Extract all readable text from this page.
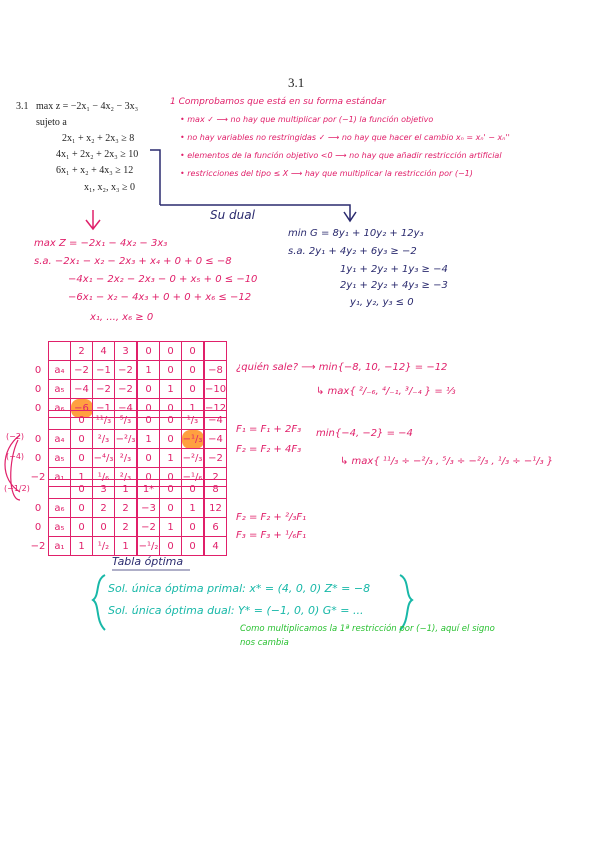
3.1
3.1 max z = −2x₁ − 4x₂ − 3x₃
sujeto a
2x₁ + x₂ + 2x₃ ≥ 8
4x₁ + 2x₂ + 2x₃ ≥ 10
6x₁ + x₂ + 4x₃ ≥ 12
x₁, x₂, x₃ ≥ 0
1 Comprobamos que está en su forma estándar
• max ✓ ⟶ no hay que multiplicar por (−1) la función objetivo
• no hay variables no restringidas ✓ ⟶ no hay que hacer el cambio xₙ = xₙ' − xₙ''
• elementos de la función objetivo <0 ⟶ no hay que añadir restricción artificial
• restricciones del tipo ≤ X ⟶ hay que multiplicar la restricción por (−1)
Su dual
max Z = −2x₁ − 4x₂ − 3x₃
s.a. −2x₁ − x₂ − 2x₃ + x₄ + 0 + 0 ≤ −8
−4x₁ − 2x₂ − 2x₃ − 0 + x₅ + 0 ≤ −10
−6x₁ − x₂ − 4x₃ + 0 + 0 + x₆ ≤ −12
x₁, ..., x₆ ≥ 0
min G = 8y₁ + 10y₂ + 12y₃
s.a. 2y₁ + 4y₂ + 6y₃ ≥ −2
1y₁ + 2y₂ + 1y₃ ≥ −4
2y₁ + 2y₂ + 4y₃ ≥ −3
y₁, y₂, y₃ ≤ 0
		2	4	3	0	0	0	
0	a₄	−2	−1	−2	1	0	0	−8
0	a₅	−4	−2	−2	0	1	0	−10
0	a₆	−6	−1	−4	0	0	1	−12
		0	¹¹/₃	⁵/₃	0	0	¹/₃	−4
0	a₄	0	²/₃	−²/₃	1	0	−¹/₃	−4
0	a₅	0	−⁴/₃	²/₃	0	1	−²/₃	−2
−2	a₁	1	¹/₆	²/₃	0	0	−¹/₆	2
		0	3	1	1*	0	0	8
0	a₆	0	2	2	−3	0	1	12
0	a₅	0	0	2	−2	1	0	6
−2	a₁	1	¹/₂	1	−¹/₂	0	0	4
(−2)
(−4)
(−1/2)
¿quién sale? ⟶ min{−8, 10, −12} = −12
↳ max{ ²/₋₆, ⁴/₋₁, ³/₋₄ } = ⅓
F₁ = F₁ + 2F₃
F₂ = F₂ + 4F₃
min{−4, −2} = −4
↳ max{ ¹¹/₃ ÷ −²/₃ , ⁵/₃ ÷ −²/₃ , ¹/₃ ÷ −¹/₃ }
F₂ = F₂ + ²/₃F₁
F₃ = F₃ + ¹/₆F₁
Tabla óptima
Sol. única óptima primal: x* = (4, 0, 0) Z* = −8
Sol. única óptima dual: Y* = (−1, 0, 0) G* = ...
Como multiplicamos la 1ª restricción por (−1), aquí el signo
nos cambia
